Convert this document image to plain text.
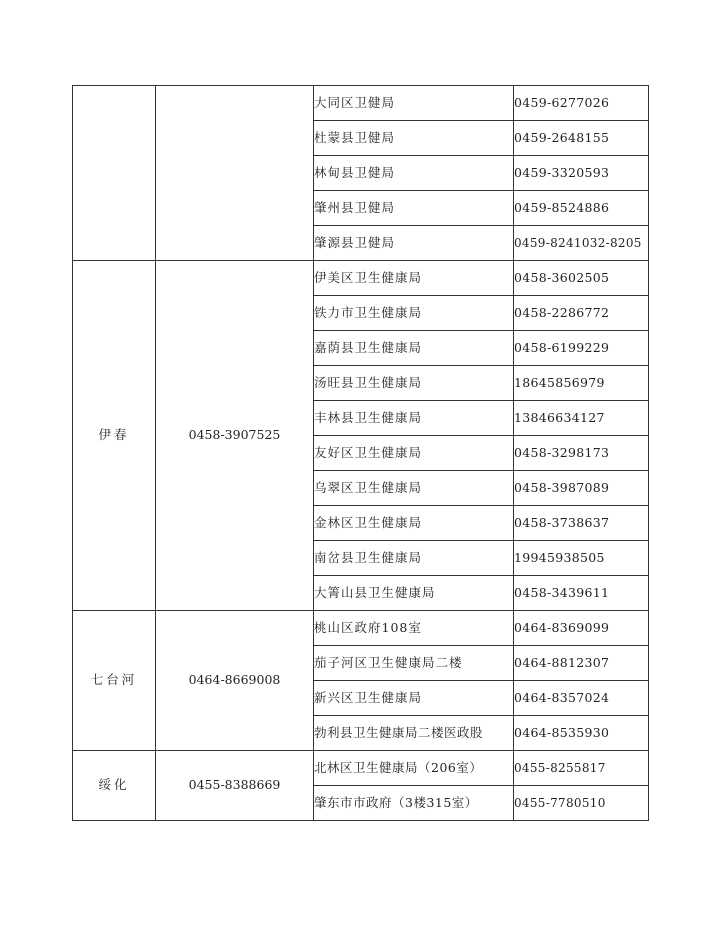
		大同区卫健局	0459-6277026
		杜蒙县卫健局	0459-2648155
		林甸县卫健局	0459-3320593
		肇州县卫健局	0459-8524886
		肇源县卫健局	0459-8241032-8205
伊春	0458-3907525	伊美区卫生健康局	0458-3602505
		铁力市卫生健康局	0458-2286772
		嘉荫县卫生健康局	0458-6199229
		汤旺县卫生健康局	18645856979
		丰林县卫生健康局	13846634127
		友好区卫生健康局	0458-3298173
		乌翠区卫生健康局	0458-3987089
		金林区卫生健康局	0458-3738637
		南岔县卫生健康局	19945938505
		大箐山县卫生健康局	0458-3439611
七台河	0464-8669008	桃山区政府108室	0464-8369099
		茄子河区卫生健康局二楼	0464-8812307
		新兴区卫生健康局	0464-8357024
		勃利县卫生健康局二楼医政股	0464-8535930
绥化	0455-8388669	北林区卫生健康局（206室）	0455-8255817
		肇东市市政府（3楼315室）	0455-7780510
